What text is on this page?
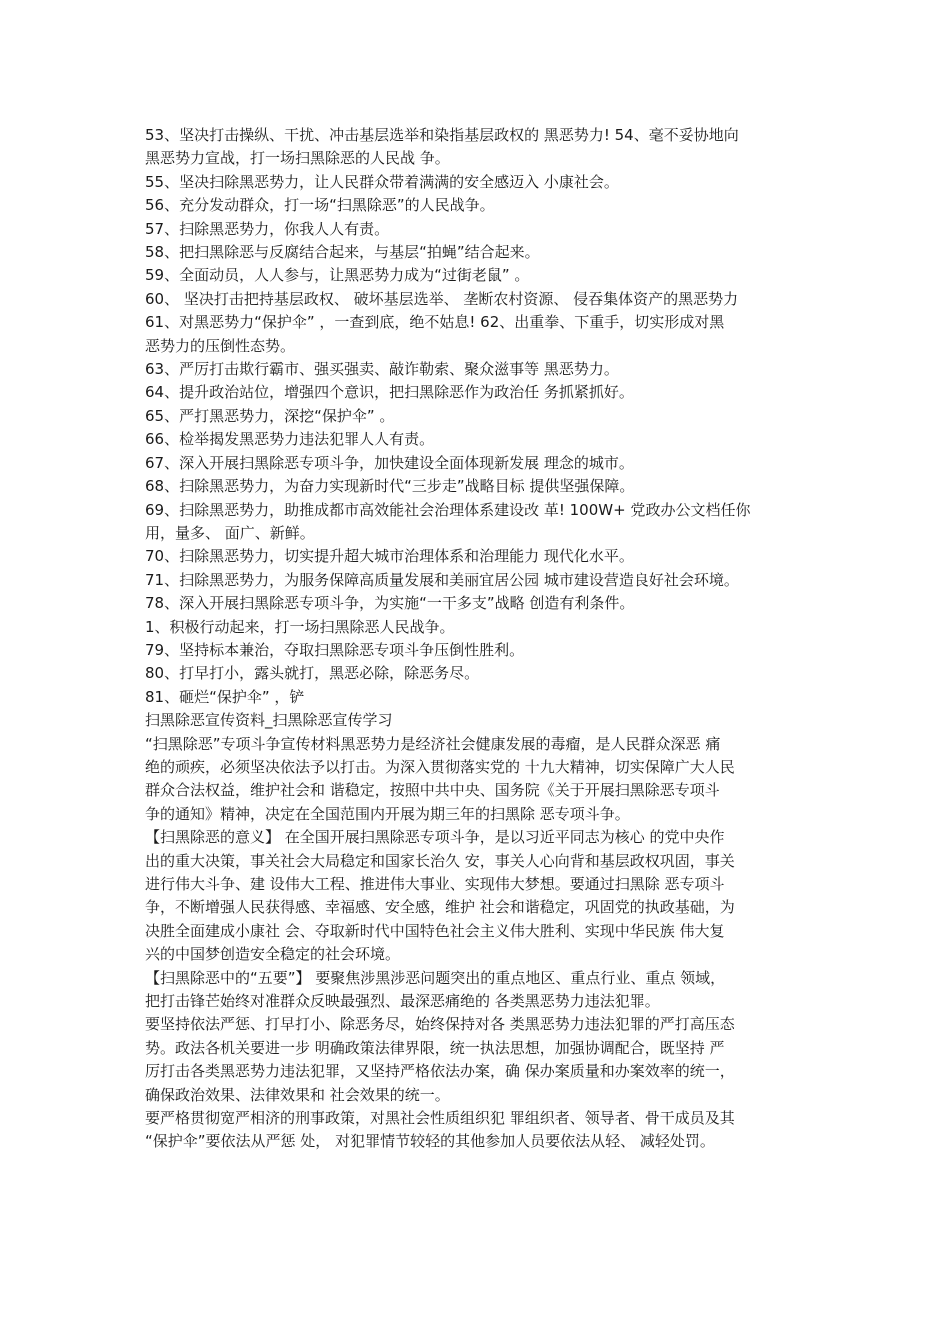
53、坚决打击操纵、干扰、冲击基层选举和染指基层政权的 黑恶势力! 54、毫不妥协地向

黑恶势力宣战，打一场扫黑除恶的人民战 争。

55、坚决扫除黑恶势力，让人民群众带着满满的安全感迈入 小康社会。

56、充分发动群众，打一场“扫黑除恶”的人民战争。

57、扫除黑恶势力，你我人人有责。

58、把扫黑除恶与反腐结合起来，与基层“拍蝇”结合起来。

59、全面动员，人人参与，让黑恶势力成为“过街老鼠” 。

60、 坚决打击把持基层政权、 破坏基层选举、 垄断农村资源、 侵吞集体资产的黑恶势力

61、对黑恶势力“保护伞” ，一查到底，绝不姑息! 62、出重拳、下重手，切实形成对黑

恶势力的压倒性态势。

63、严厉打击欺行霸市、强买强卖、敲诈勒索、聚众滋事等 黑恶势力。

64、提升政治站位，增强四个意识，把扫黑除恶作为政治任 务抓紧抓好。

65、严打黑恶势力，深挖“保护伞” 。

66、检举揭发黑恶势力违法犯罪人人有责。

67、深入开展扫黑除恶专项斗争，加快建设全面体现新发展 理念的城市。

68、扫除黑恶势力，为奋力实现新时代“三步走”战略目标 提供坚强保障。

69、扫除黑恶势力，助推成都市高效能社会治理体系建设改 革! 100W+ 党政办公文档任你

用，量多、 面广、新鲜。

70、扫除黑恶势力，切实提升超大城市治理体系和治理能力 现代化水平。

71、扫除黑恶势力，为服务保障高质量发展和美丽宜居公园 城市建设营造良好社会环境。

78、深入开展扫黑除恶专项斗争，为实施“一干多支”战略 创造有利条件。

1、积极行动起来，打一场扫黑除恶人民战争。

79、坚持标本兼治，夺取扫黑除恶专项斗争压倒性胜利。

80、打早打小，露头就打，黑恶必除，除恶务尽。

81、砸烂“保护伞” ，铲

扫黑除恶宣传资料_扫黑除恶宣传学习

“扫黑除恶”专项斗争宣传材料黑恶势力是经济社会健康发展的毒瘤，是人民群众深恶 痛

绝的顽疾，必须坚决依法予以打击。为深入贯彻落实党的 十九大精神，切实保障广大人民

群众合法权益，维护社会和 谐稳定，按照中共中央、国务院《关于开展扫黑除恶专项斗

争的通知》精神，决定在全国范围内开展为期三年的扫黑除 恶专项斗争。

【扫黑除恶的意义】 在全国开展扫黑除恶专项斗争，是以习近平同志为核心 的党中央作

出的重大决策，事关社会大局稳定和国家长治久 安，事关人心向背和基层政权巩固，事关

进行伟大斗争、建 设伟大工程、推进伟大事业、实现伟大梦想。要通过扫黑除 恶专项斗

争，不断增强人民获得感、幸福感、安全感，维护 社会和谐稳定，巩固党的执政基础，为

决胜全面建成小康社 会、夺取新时代中国特色社会主义伟大胜利、实现中华民族 伟大复

兴的中国梦创造安全稳定的社会环境。

【扫黑除恶中的“五要”】 要聚焦涉黑涉恶问题突出的重点地区、重点行业、重点 领域，

把打击锋芒始终对准群众反映最强烈、最深恶痛绝的 各类黑恶势力违法犯罪。

要坚持依法严惩、打早打小、除恶务尽，始终保持对各 类黑恶势力违法犯罪的严打高压态

势。政法各机关要进一步 明确政策法律界限，统一执法思想，加强协调配合，既坚持 严

厉打击各类黑恶势力违法犯罪，又坚持严格依法办案，确 保办案质量和办案效率的统一，

确保政治效果、法律效果和 社会效果的统一。

要严格贯彻宽严相济的刑事政策，对黑社会性质组织犯 罪组织者、领导者、骨干成员及其

“保护伞”要依法从严惩 处， 对犯罪情节较轻的其他参加人员要依法从轻、 减轻处罚。
